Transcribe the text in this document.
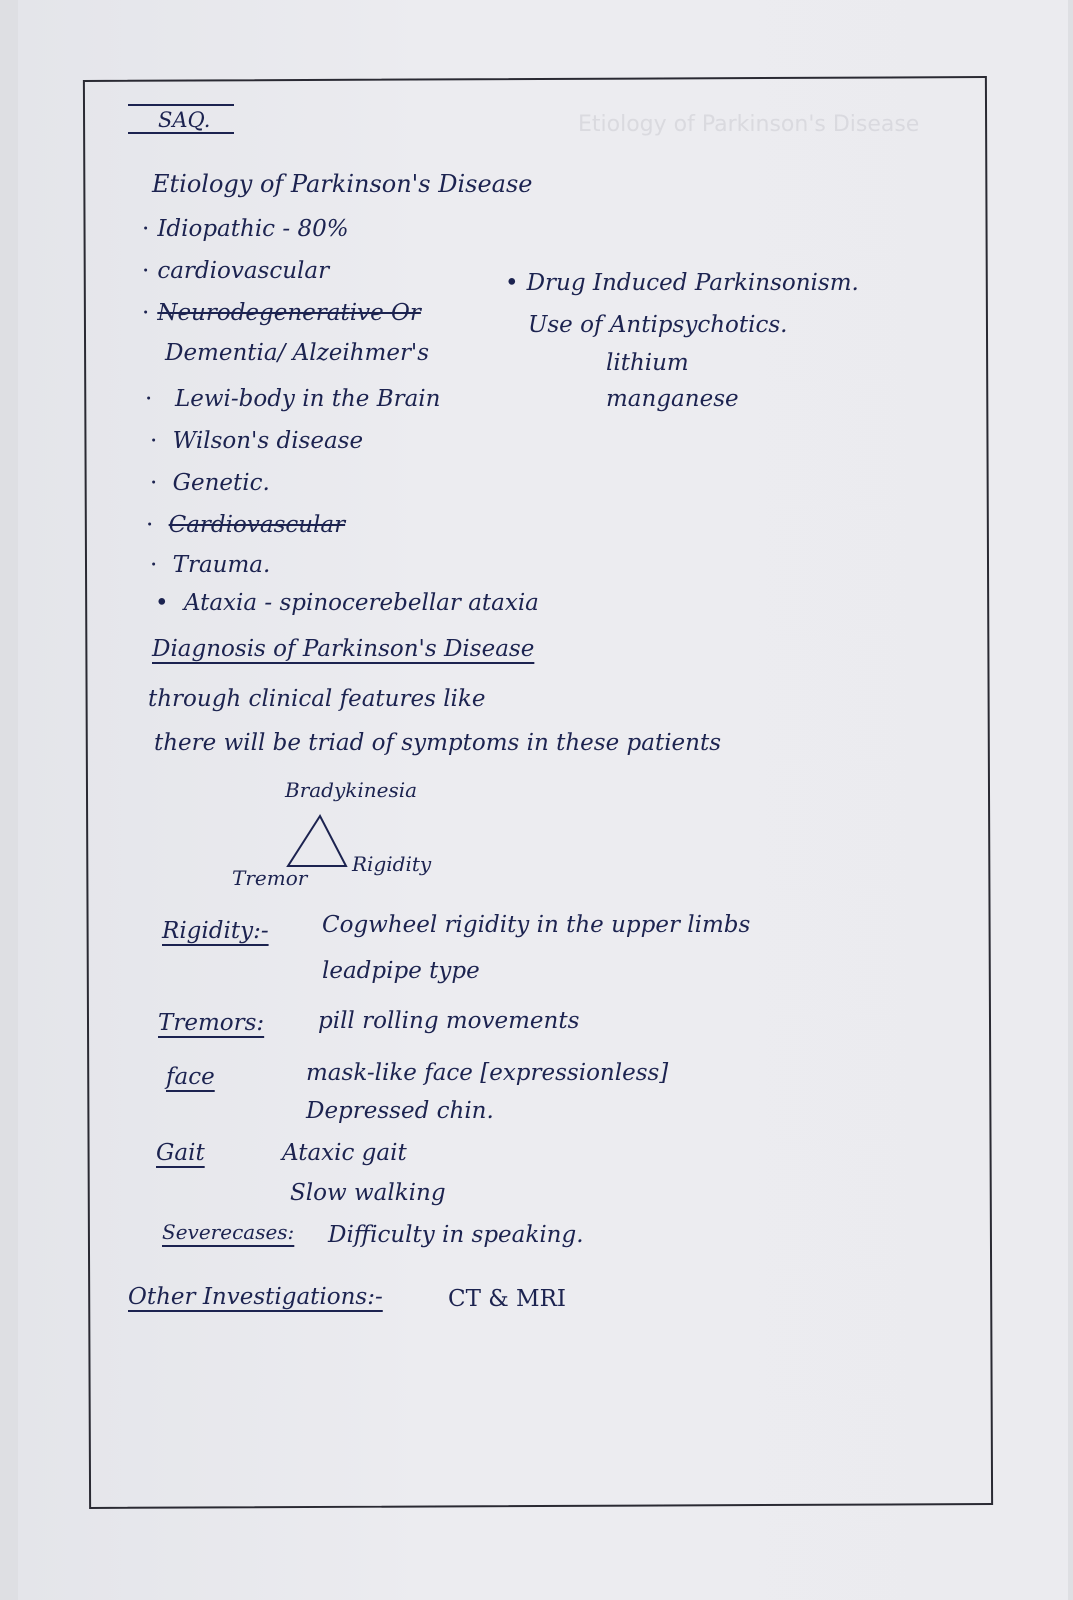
Etiology of Parkinson's Disease
SAQ.
Etiology of Parkinson's Disease
· Idiopathic - 80%
· cardiovascular
· Neurodegenerative Or
Dementia/ Alzeihmer's
· Lewi-body in the Brain
· Wilson's disease
· Genetic.
· Cardiovascular
· Trauma.
• Ataxia - spinocerebellar ataxia
• Drug Induced Parkinsonism.
Use of Antipsychotics.
lithium
manganese
Diagnosis of Parkinson's Disease
through clinical features like
there will be triad of symptoms in these patients
Bradykinesia
Tremor
Rigidity
Rigidity:- Cogwheel rigidity in the upper limbs
leadpipe type
Tremors: pill rolling movements
face	mask-like face [expressionless]
Depressed chin.
Gait	Ataxic gait
Slow walking
Severecases: Difficulty in speaking.
Other Investigations:-	CT & MRI
